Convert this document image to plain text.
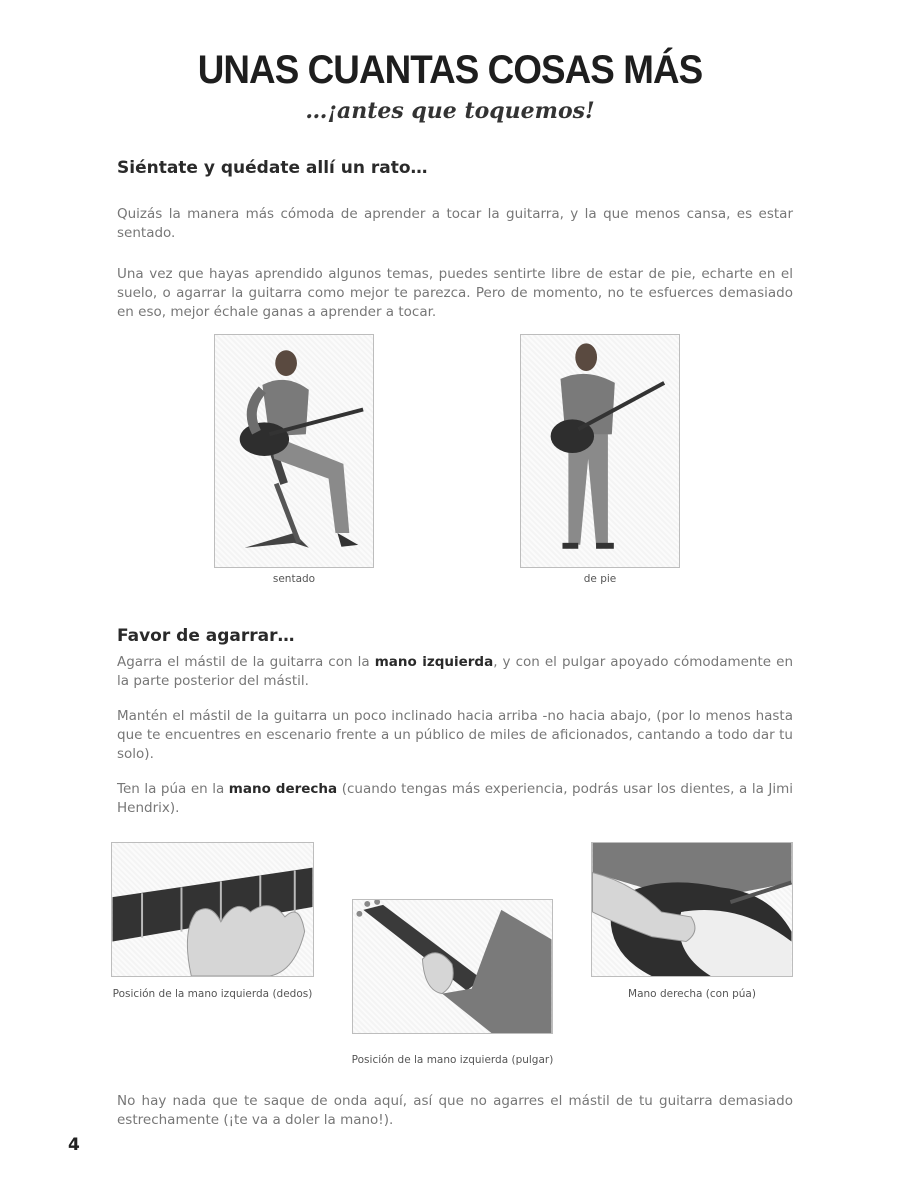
UNAS CUANTAS COSAS MÁS
…¡antes que toquemos!
Siéntate y quédate allí un rato…
Quizás la manera más cómoda de aprender a tocar la guitarra, y la que menos cansa, es estar sentado.
Una vez que hayas aprendido algunos temas, puedes sentirte libre de estar de pie, echarte en el suelo, o agarrar la guitarra como mejor te parezca. Pero de momento, no te esfuerces demasiado en eso, mejor échale ganas a aprender a tocar.
sentado	de pie
Favor de agarrar…
Agarra el mástil de la guitarra con la mano izquierda, y con el pulgar apoyado cómodamente en la parte posterior del mástil.
Mantén el mástil de la guitarra un poco inclinado hacia arriba -no hacia abajo, (por lo menos hasta que te encuentres en escenario frente a un público de miles de aficionados, cantando a todo dar tu solo).
Ten la púa en la mano derecha (cuando tengas más experiencia, podrás usar los dientes, a la Jimi Hendrix).
Posición de la mano izquierda (dedos)
Posición de la mano izquierda (pulgar)
Mano derecha (con púa)
No hay nada que te saque de onda aquí, así que no agarres el mástil de tu guitarra demasiado estrechamente (¡te va a doler la mano!).
4
